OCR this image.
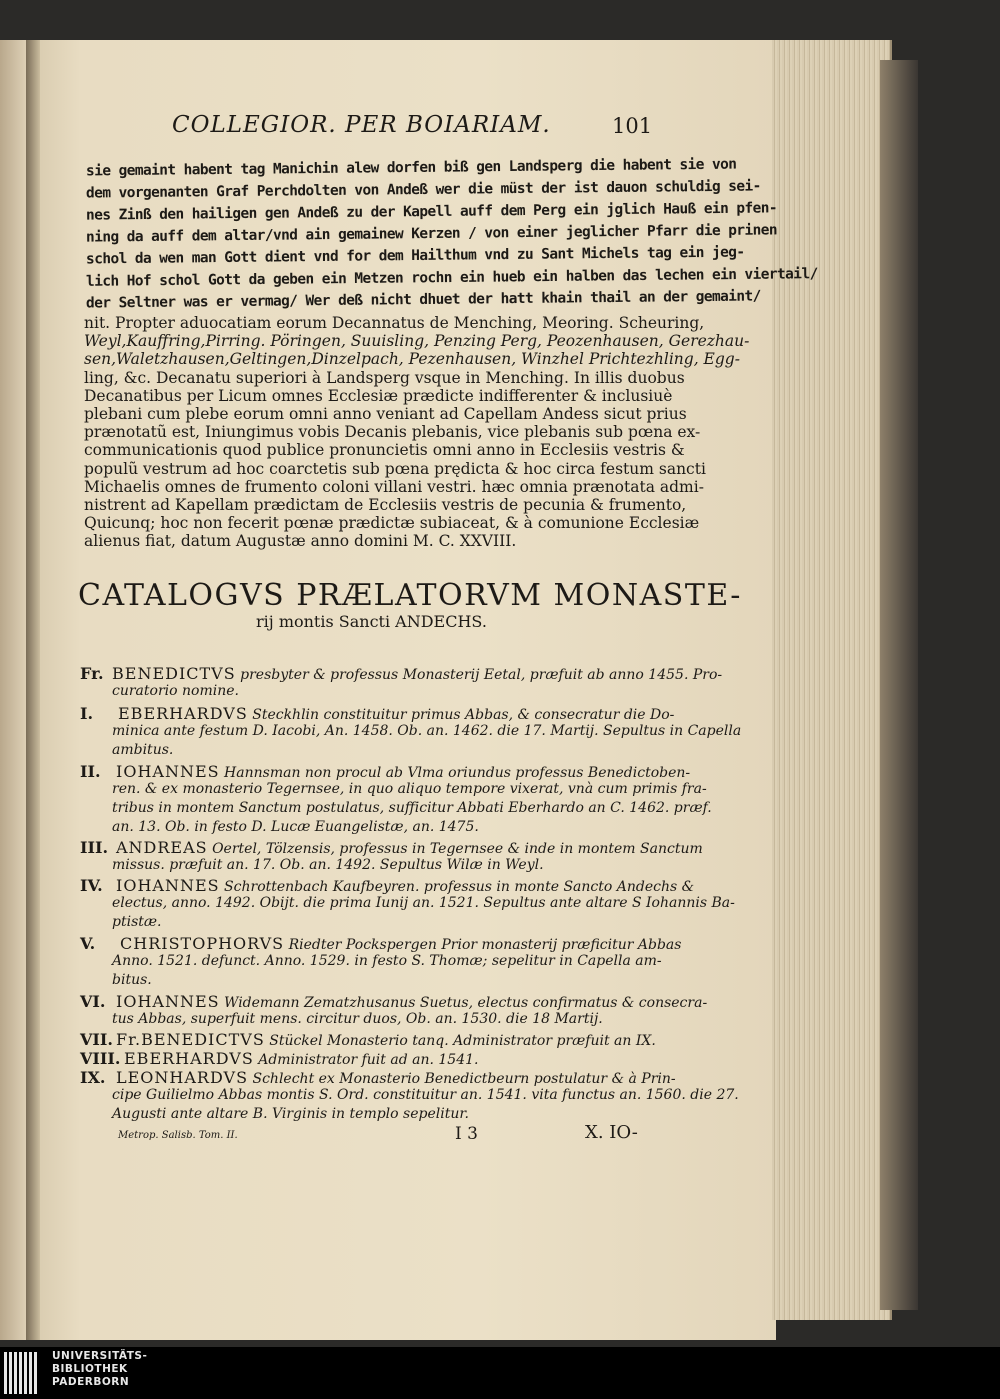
COLLEGIOR. PER BOIARIAM.	101
sie gemaint habent tag Manichin alew dorfen biß gen Landsperg die habent sie von
dem vorgenanten Graf Perchdolten von Andeß wer die müst der ist dauon schuldig sei-
nes Zinß den hailigen gen Andeß zu der Kapell auff dem Perg ein jglich Hauß ein pfen-
ning da auff dem altar/vnd ain gemainew Kerzen / von einer jeglicher Pfarr die prinen
schol da wen man Gott dient vnd for dem Hailthum vnd zu Sant Michels tag ein jeg-
lich Hof schol Gott da geben ein Metzen rochn ein hueb ein halben das lechen ein viertail/
der Seltner was er vermag/ Wer deß nicht dhuet der hatt khain thail an der gemaint/
nit. Propter aduocatiam eorum Decannatus de Menching, Meoring. Scheuring,
Weyl,Kauffring,Pirring. Pöringen, Suuisling, Penzing Perg, Peozenhausen, Gerezhau-
sen,Waletzhausen,Geltingen,Dinzelpach, Pezenhausen, Winzhel Prichtezhling, Egg-
ling, &c. Decanatu superiori à Landsperg vsque in Menching. In illis duobus
Decanatibus per Licum omnes Ecclesiæ prædicte indifferenter & inclusiuè
plebani cum plebe eorum omni anno veniant ad Capellam Andess sicut prius
prænotatũ est, Iniungimus vobis Decanis plebanis, vice plebanis sub pœna ex-
communicationis quod publice pronuncietis omni anno in Ecclesiis vestris &
populũ vestrum ad hoc coarctetis sub pœna prędicta & hoc circa festum sancti
Michaelis omnes de frumento coloni villani vestri. hæc omnia prænotata admi-
nistrent ad Kapellam prædictam de Ecclesiis vestris de pecunia & frumento,
Quicunq; hoc non fecerit pœnæ prædictæ subiaceat, & à comunione Ecclesiæ
CATALOGVS PRÆLATORVM MONASTE-
rij montis Sancti ANDECHS.
Fr. BENEDICTVS presbyter & professus Monasterij Eetal, præfuit ab anno 1455. Pro-
curatorio nomine.
I. EBERHARDVS Steckhlin constituitur primus Abbas, & consecratur die Do-
minica ante festum D. Iacobi, An. 1458. Ob. an. 1462. die 17. Martij. Sepultus in Capella
ambitus.
II. IOHANNES Hannsman non procul ab Vlma oriundus professus Benedictoben-
ren. & ex monasterio Tegernsee, in quo aliquo tempore vixerat, vnà cum primis fra-
tribus in montem Sanctum postulatus, sufficitur Abbati Eberhardo an C. 1462. præf.
an. 13. Ob. in festo D. Lucæ Euangelistæ, an. 1475.
III. ANDREAS Oertel, Tölzensis, professus in Tegernsee & inde in montem Sanctum
missus. præfuit an. 17. Ob. an. 1492. Sepultus Wilæ in Weyl.
IV. IOHANNES Schrottenbach Kaufbeyren. professus in monte Sancto Andechs &
electus, anno. 1492. Obijt. die prima Iunij an. 1521. Sepultus ante altare S Iohannis Ba-
ptistæ.
V. CHRISTOPHORVS Riedter Pockspergen Prior monasterij præficitur Abbas
Anno. 1521. defunct. Anno. 1529. in festo S. Thomæ; sepelitur in Capella am-
bitus.
VI. IOHANNES Widemann Zematzhusanus Suetus, electus confirmatus & consecra-
tus Abbas, superfuit mens. circitur duos, Ob. an. 1530. die 18 Martij.
VII. Fr.BENEDICTVS Stückel Monasterio tanq. Administrator præfuit an IX.
VIII. EBERHARDVS Administrator fuit ad an. 1541.
IX. LEONHARDVS Schlecht ex Monasterio Benedictbeurn postulatur & à Prin-
cipe Guilielmo Abbas montis S. Ord. constituitur an. 1541. vita functus an. 1560. die 27.
Augusti ante altare B. Virginis in templo sepelitur.
Metrop. Salisb. Tom. II.	I 3	X. IO-
UNIVERSITÄTS-
BIBLIOTHEK
PADERBORN
alienus fiat, datum Augustæ anno domini M. C. XXVIII.
